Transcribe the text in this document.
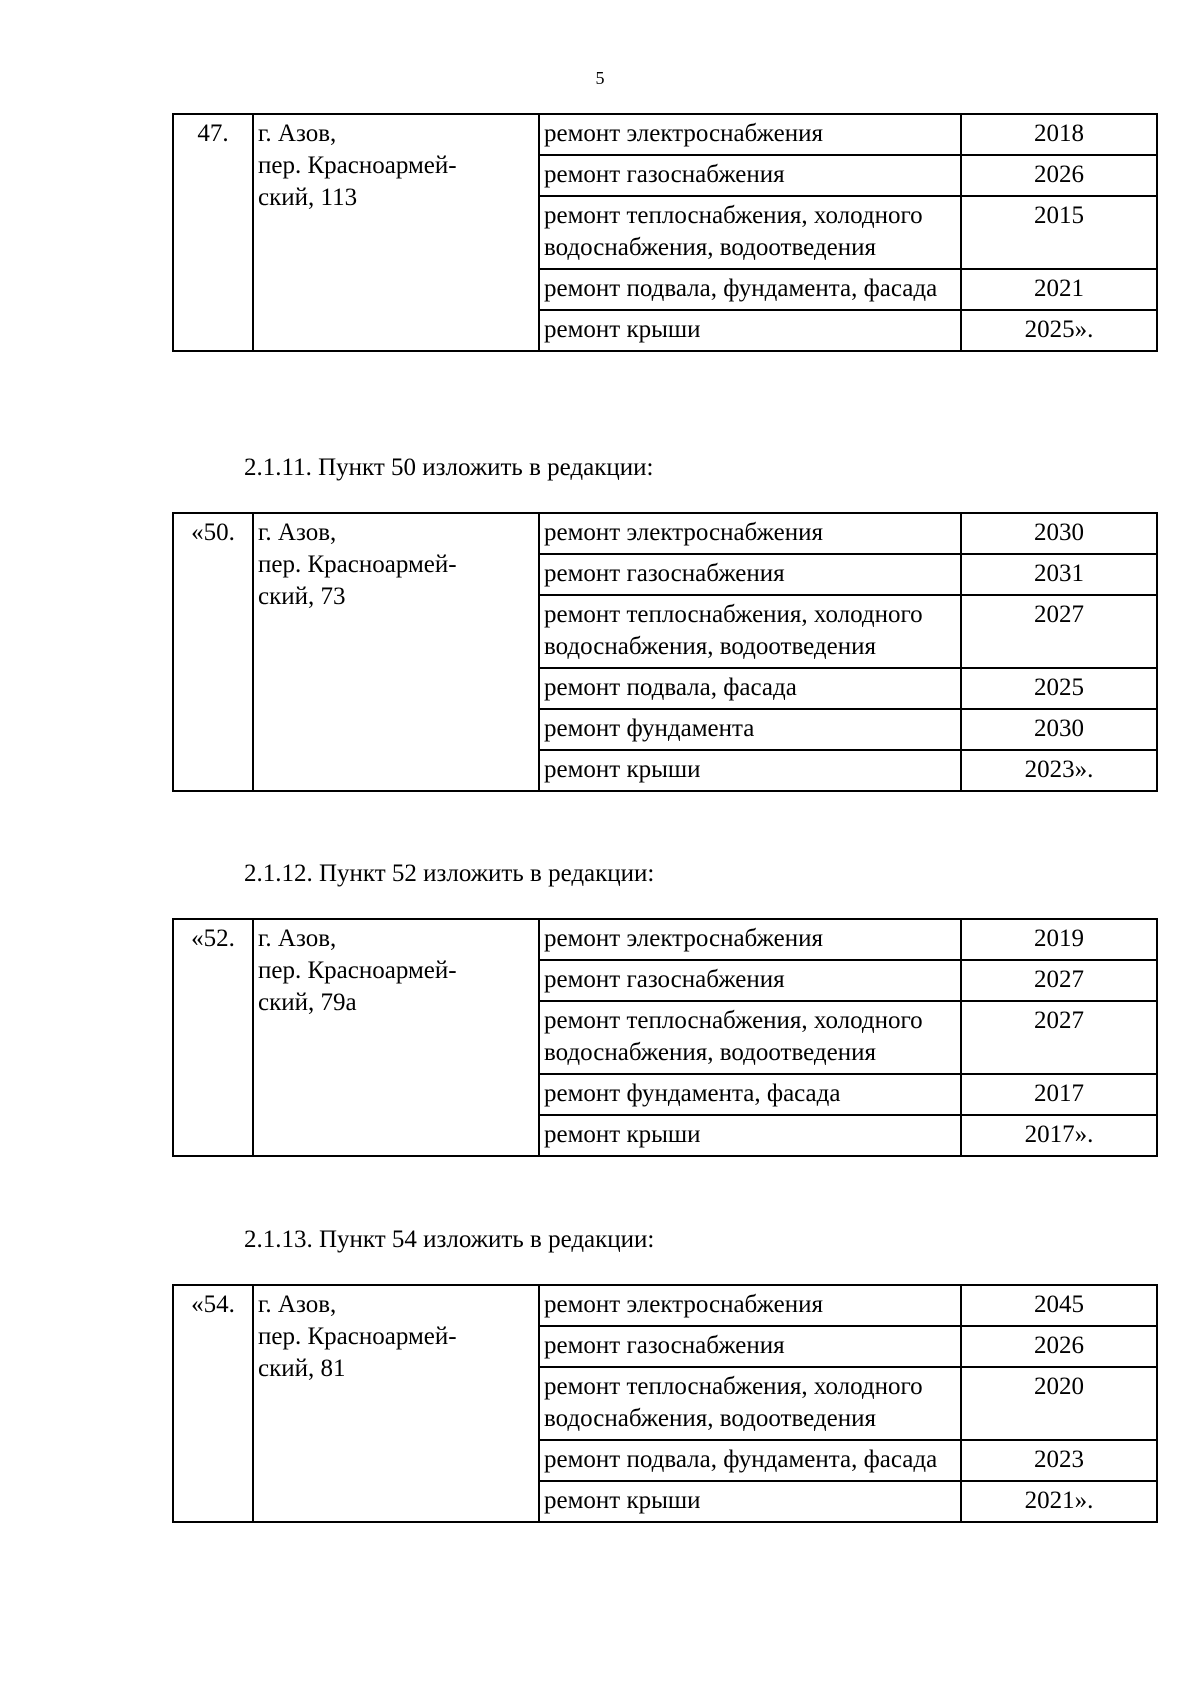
5
47.	г. Азов,
пер. Красноармей-
ский, 113	ремонт электроснабжения	2018
		ремонт газоснабжения	2026
		ремонт теплоснабжения, холодного водоснабжения, водоотведения	2015
		ремонт подвала, фундамента, фасада	2021
		ремонт крыши	2025».
2.1.11. Пункт 50 изложить в редакции:
«50.	г. Азов,
пер. Красноармей-
ский, 73	ремонт электроснабжения	2030
		ремонт газоснабжения	2031
		ремонт теплоснабжения, холодного водоснабжения, водоотведения	2027
		ремонт подвала, фасада	2025
		ремонт фундамента	2030
		ремонт крыши	2023».
2.1.12. Пункт 52 изложить в редакции:
«52.	г. Азов,
пер. Красноармей-
ский, 79а	ремонт электроснабжения	2019
		ремонт газоснабжения	2027
		ремонт теплоснабжения, холодного водоснабжения, водоотведения	2027
		ремонт фундамента, фасада	2017
		ремонт крыши	2017».
2.1.13. Пункт 54 изложить в редакции:
«54.	г. Азов,
пер. Красноармей-
ский, 81	ремонт электроснабжения	2045
		ремонт газоснабжения	2026
		ремонт теплоснабжения, холодного водоснабжения, водоотведения	2020
		ремонт подвала, фундамента, фасада	2023
		ремонт крыши	2021».
